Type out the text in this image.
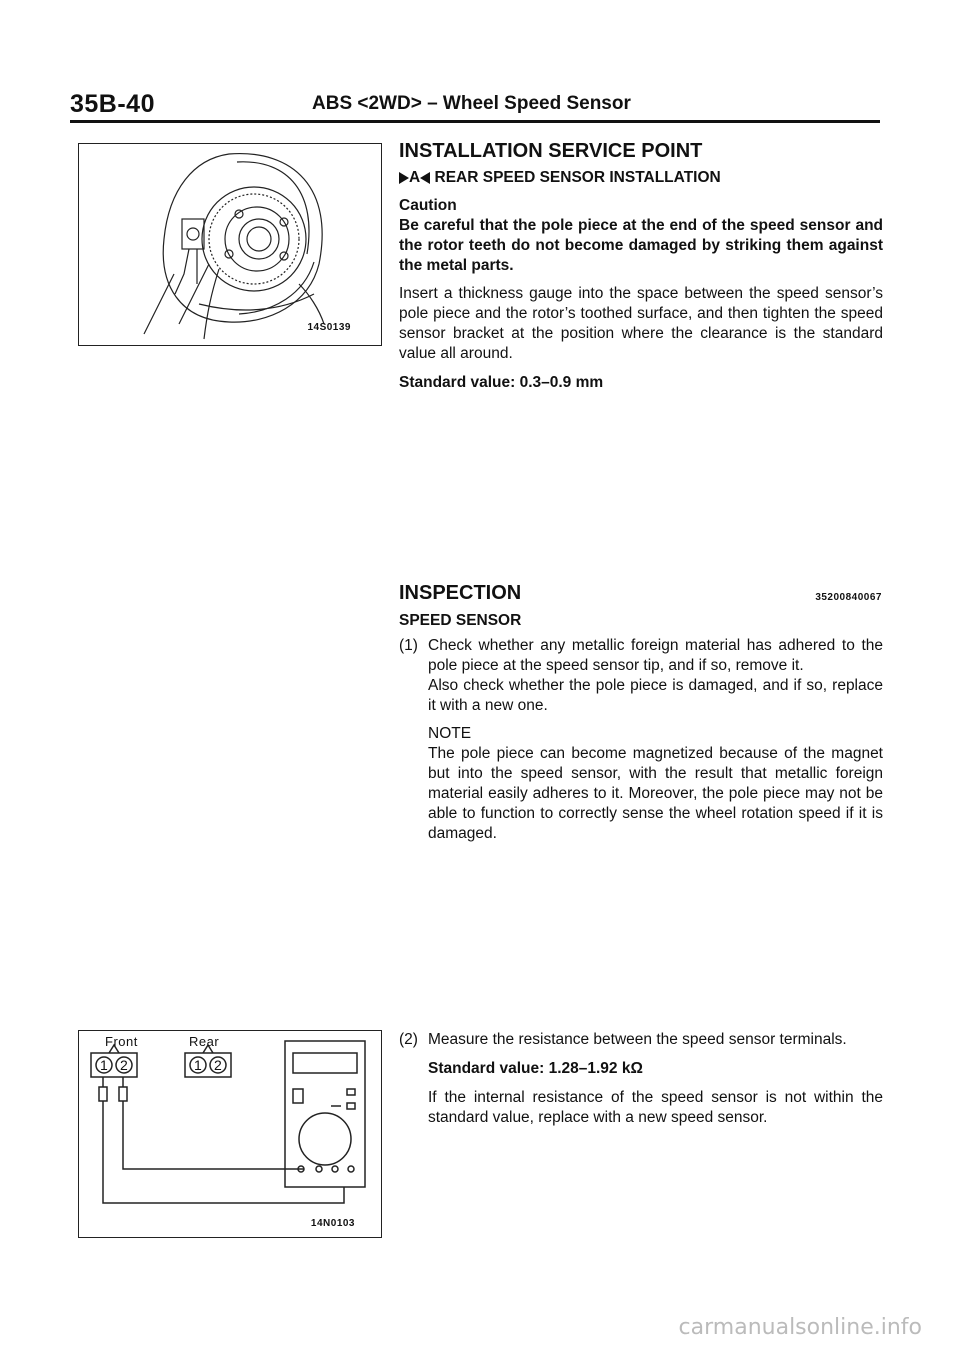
35B-40	ABS <2WD> – Wheel Speed Sensor
14S0139
1 2	1 2
Front	Rear
14N0103
INSTALLATION SERVICE POINT
A REAR SPEED SENSOR INSTALLATION
Caution
Be careful that the pole piece at the end of the speed sensor and the rotor teeth do not become damaged by striking them against the metal parts.
Insert a thickness gauge into the space between the speed sensor’s pole piece and the rotor’s toothed surface, and then tighten the speed sensor bracket at the position where the clearance is the standard value all around.
Standard value: 0.3–0.9 mm
INSPECTION
SPEED SENSOR
(1) Check whether any metallic foreign material has adhered to the pole piece at the speed sensor tip, and if so, remove it.
Also check whether the pole piece is damaged, and if so, replace it with a new one.
NOTE
The pole piece can become magnetized because of the magnet but into the speed sensor, with the result that metallic foreign material easily adheres to it. Moreover, the pole piece may not be able to function to correctly sense the wheel rotation speed if it is damaged.
35200840067
(2) Measure the resistance between the speed sensor terminals.
Standard value: 1.28–1.92 kΩ
If the internal resistance of the speed sensor is not within the standard value, replace with a new speed sensor.
carmanualsonline.info
